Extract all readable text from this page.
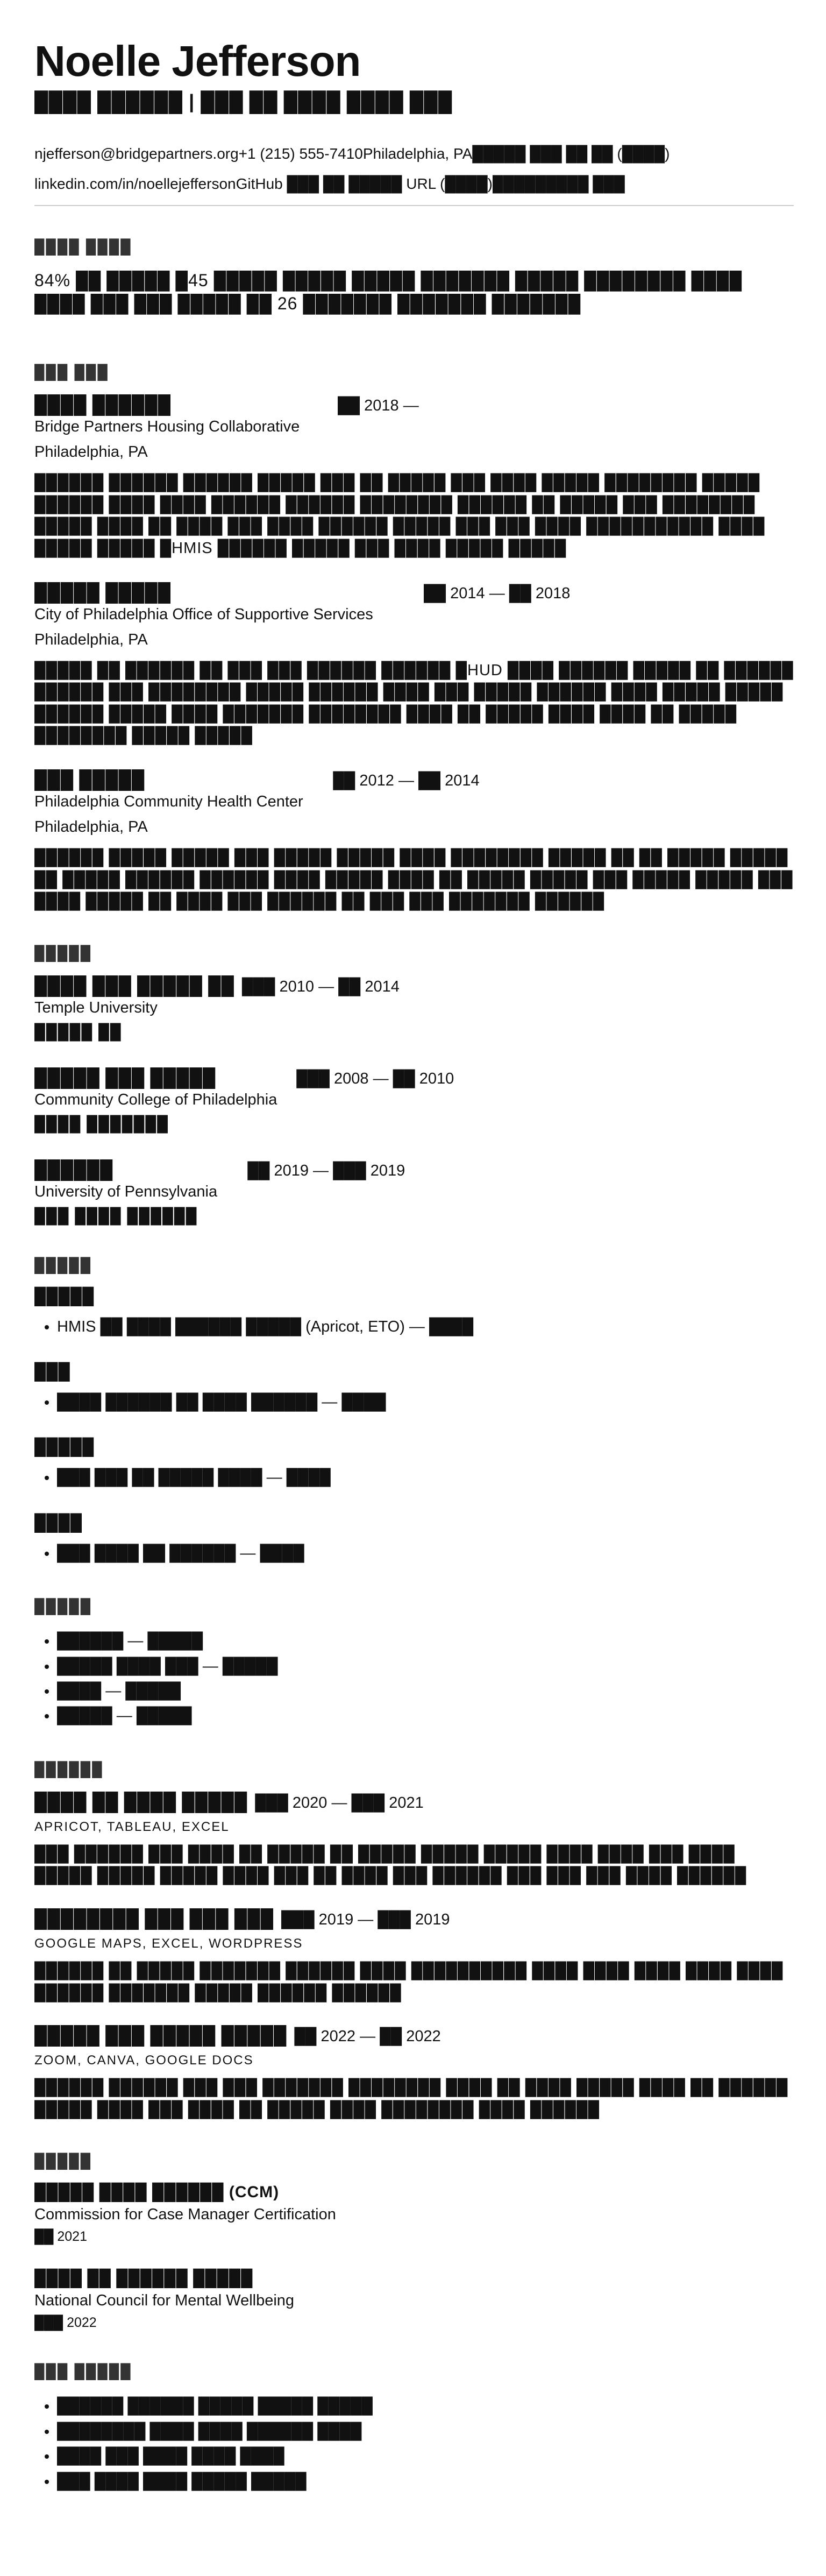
Noelle Jefferson
████ ██████ | ███ ██ ████ ████ ███
njefferson@bridgepartners.org+1 (215) 555-7410Philadelphia, PA█████ ███ ██ ██ (████)
linkedin.com/in/noellejeffersonGitHub ███ ██ █████ URL (████)█████████ ███
████ ████
84% ██ █████ █45 █████ █████ █████ ███████ █████ ████████ ████ ████ ███ ███ █████ ██ 26 ███████ ███████ ███████
███ ███
████ ██████	██ 2018 —
Bridge Partners Housing Collaborative
Philadelphia, PA
██████ ██████ ██████ █████ ███ ██ █████ ███ ████ █████ ████████ █████ ██████ ████ ████ ██████ ██████ ████████ ██████ ██ █████ ███ ████████ █████ ████ ██ ████ ███ ████ ██████ █████ ███ ███ ████ ███████████ ████ █████ █████ █HMIS ██████ █████ ███ ████ █████ █████
█████ █████	██ 2014 — ██ 2018
City of Philadelphia Office of Supportive Services
Philadelphia, PA
█████ ██ ██████ ██ ███ ███ ██████ ██████ █HUD ████ ██████ █████ ██ ██████ ██████ ███ ████████ █████ ██████ ████ ███ █████ ██████ ████ █████ █████ ██████ █████ ████ ███████ ████████ ████ ██ █████ ████ ████ ██ █████ ████████ █████ █████
███ █████	██ 2012 — ██ 2014
Philadelphia Community Health Center
Philadelphia, PA
██████ █████ █████ ███ █████ █████ ████ ████████ █████ ██ ██ █████ █████ ██ █████ ██████ ██████ ████ █████ ████ ██ █████ █████ ███ █████ █████ ███ ████ █████ ██ ████ ███ ██████ ██ ███ ███ ███████ ██████
█████
████ ███ █████ ██ ███ 2010 — ██ 2014
Temple University
█████ ██
█████ ███ █████	███ 2008 — ██ 2010
Community College of Philadelphia
████ ███████
██████	██ 2019 — ███ 2019
University of Pennsylvania
███ ████ ██████
█████
█████
• HMIS ██ ████ ██████ █████ (Apricot, ETO) — ████
███
• ████ ██████ ██ ████ ██████ — ████
█████
• ███ ███ ██ █████ ████ — ████
████
• ███ ████ ██ ██████ — ████
█████
• ██████ — █████
• █████ ████ ███ — █████
• ████ — █████
• █████ — █████
██████
████ ██ ████ █████ ███ 2020 — ███ 2021
APRICOT, TABLEAU, EXCEL
███ ██████ ███ ████ ██ █████ ██ █████ █████ █████ ████ ████ ███ ████ █████ █████ █████ ████ ███ ██ ████ ███ ██████ ███ ███ ███ ████ ██████
████████ ███ ███ ███ ███ 2019 — ███ 2019
GOOGLE MAPS, EXCEL, WORDPRESS
██████ ██ █████ ███████ ██████ ████ ██████████ ████ ████ ████ ████ ████ ██████ ███████ █████ ██████ ██████
█████ ███ █████ █████ ██ 2022 — ██ 2022
ZOOM, CANVA, GOOGLE DOCS
██████ ██████ ███ ███ ███████ ████████ ████ ██ ████ █████ ████ ██ ██████ █████ ████ ███ ████ ██ █████ ████ ████████ ████ ██████
█████
█████ ████ ██████ (CCM)
Commission for Case Manager Certification
██ 2021
████ ██ ██████ █████
National Council for Mental Wellbeing
███ 2022
███ █████
• ██████ ██████ █████ █████ █████
• ████████ ████ ████ ██████ ████
• ████ ███ ████ ████ ████
• ███ ████ ████ █████ █████
